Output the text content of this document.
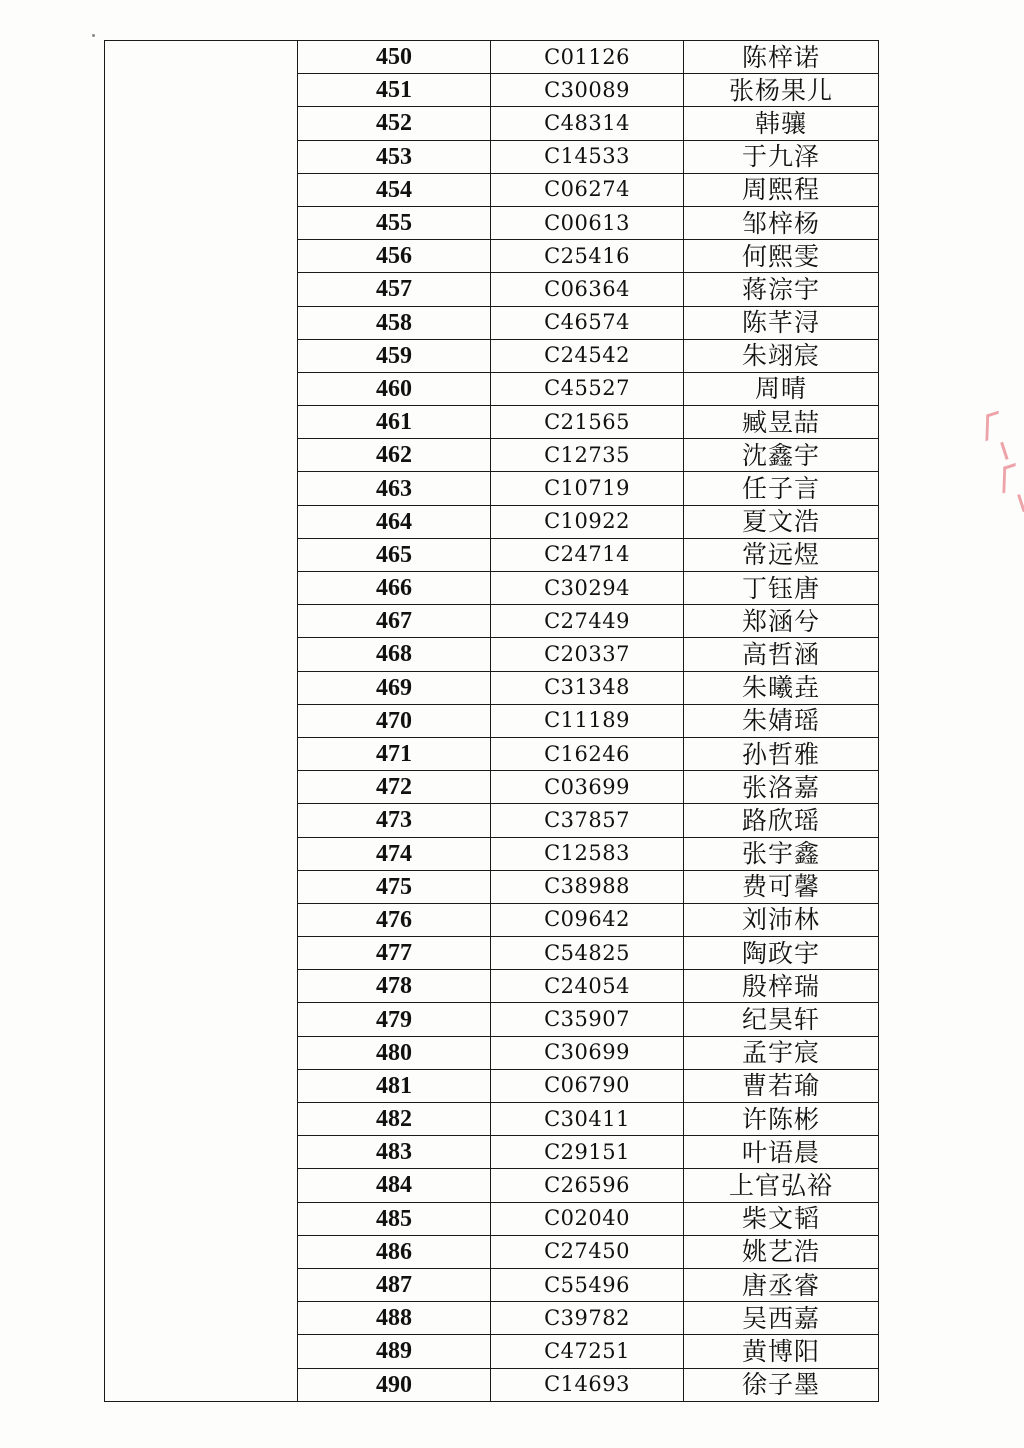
	450	C01126	陈梓诺
	451	C30089	张杨果儿
	452	C48314	韩骧
	453	C14533	于九泽
	454	C06274	周熙程
	455	C00613	邹梓杨
	456	C25416	何熙雯
	457	C06364	蒋淙宇
	458	C46574	陈芊浔
	459	C24542	朱翊宸
	460	C45527	周晴
	461	C21565	臧昱喆
	462	C12735	沈鑫宇
	463	C10719	任子言
	464	C10922	夏文浩
	465	C24714	常远煜
	466	C30294	丁钰唐
	467	C27449	郑涵兮
	468	C20337	高哲涵
	469	C31348	朱曦垚
	470	C11189	朱婧瑶
	471	C16246	孙哲雅
	472	C03699	张洛嘉
	473	C37857	路欣瑶
	474	C12583	张宇鑫
	475	C38988	费可馨
	476	C09642	刘沛林
	477	C54825	陶政宇
	478	C24054	殷梓瑞
	479	C35907	纪昊轩
	480	C30699	孟宇宸
	481	C06790	曹若瑜
	482	C30411	许陈彬
	483	C29151	叶语晨
	484	C26596	上官弘裕
	485	C02040	柴文韬
	486	C27450	姚艺浩
	487	C55496	唐丞睿
	488	C39782	吴西嘉
	489	C47251	黄博阳
	490	C14693	徐子墨
